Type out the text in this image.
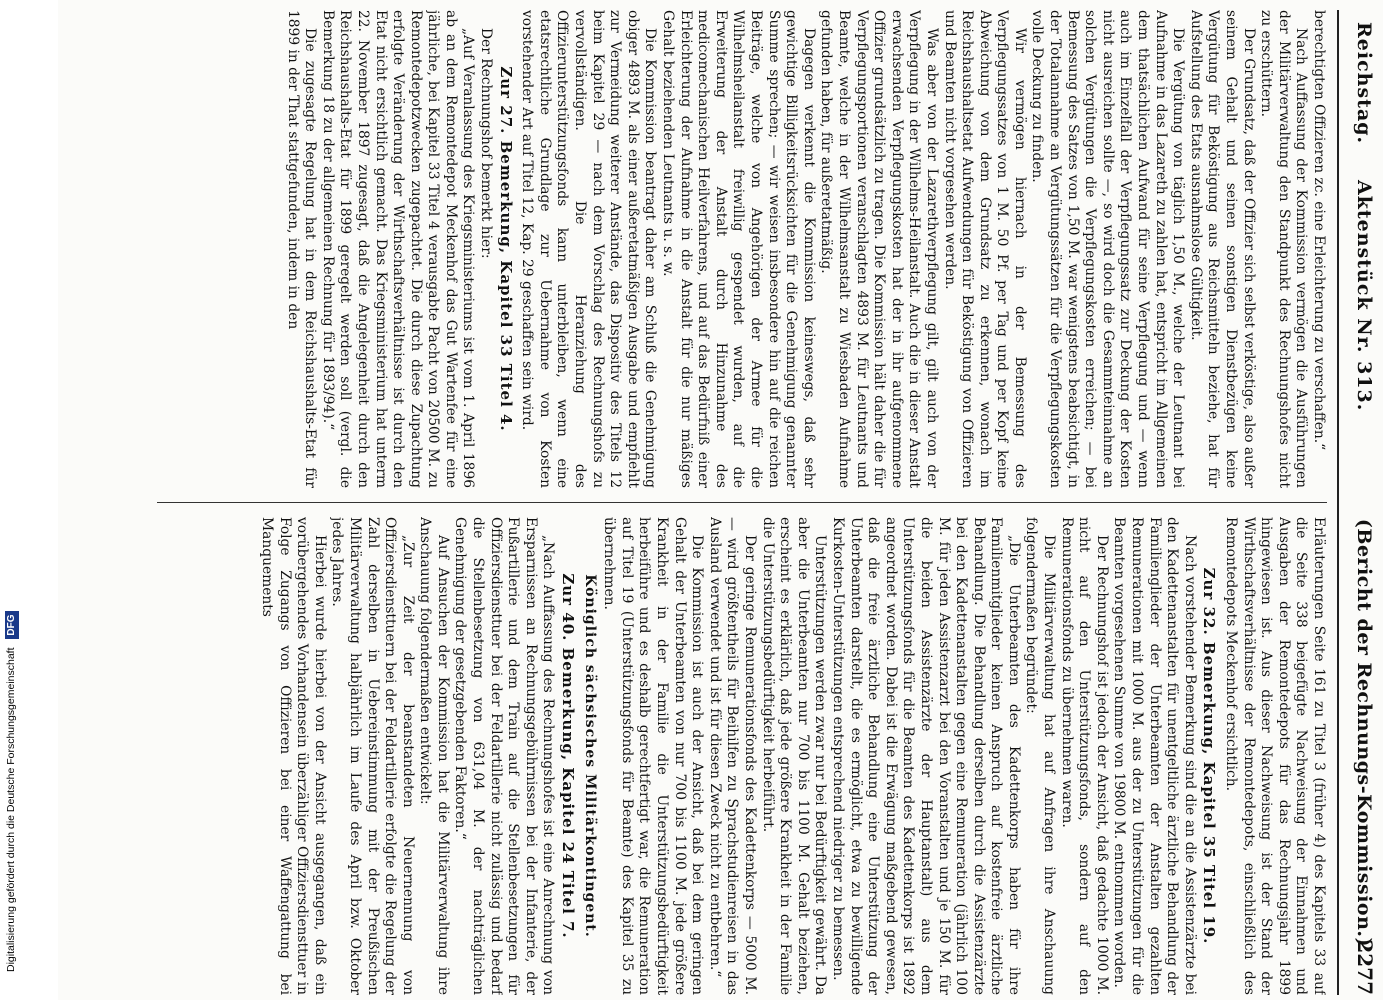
Digitalisierung gefördert durch die Deutsche Forschungsgemeinschaft DFG
Reichstag.
Aktenstück Nr. 313.
(Bericht der Rechnungs-Kommission.)
2277

berechtigten Offizieren zc. eine Erleichterung zu verschaffen.“

Nach Auffassung der Kommission vermögen die Ausführungen der Militärverwaltung den Standpunkt des Rechnungshofes nicht zu erschüttern.

Der Grundsatz, daß der Offizier sich selbst verköstige, also außer seinem Gehalt und seinen sonstigen Dienstbezügen keine Vergütung für Beköstigung aus Reichsmitteln beziehe, hat für Aufstellung des Etats ausnahmslose Gültigkeit.

Die Vergütung von täglich 1,50 M., welche der Leutnant bei Aufnahme in das Lazareth zu zahlen hat, entspricht im Allgemeinen dem thatsächlichen Aufwand für seine Verpflegung und — wenn auch im Einzelfall der Verpflegungssatz zur Deckung der Kosten nicht ausreichen sollte —, so wird doch die Gesammteinnahme an solchen Vergütungen die Verpflegungskosten erreichen; — bei Bemessung des Satzes von 1,50 M. war wenigstens beabsichtigt, in der Totalannahme an Vergütungssätzen für die Verpflegungskosten volle Deckung zu finden.

Wir vermögen hiernach in der Bemessung des Verpflegungssatzes von 1 M. 50 Pf. per Tag und per Kopf keine Abweichung von dem Grundsatz zu erkennen, wonach im Reichshaushaltsetat Aufwendungen für Beköstigung von Offizieren und Beamten nicht vorgesehen werden.

Was aber von der Lazarethverpflegung gilt, gilt auch von der Verpflegung in der Wilhelms-Heilanstalt. Auch die in dieser Anstalt erwachsenden Verpflegungskosten hat der in ihr aufgenommene Offizier grundsätzlich zu tragen. Die Kommission hält daher die für Verpflegungsportionen veranschlagten 4893 M. für Leutnants und Beamte, welche in der Wilhelmsanstalt zu Wiesbaden Aufnahme gefunden haben, für außeretatmäßig.

Dagegen verkennt die Kommission keineswegs, daß sehr gewichtige Billigkeitsrücksichten für die Genehmigung genannter Summe sprechen; — wir weisen insbesondere hin auf die reichen Beiträge, welche von Angehörigen der Armee für die Wilhelmsheilanstalt freiwillig gespendet wurden, auf die Erweiterung der Anstalt durch Hinzunahme des medicomechanischen Heilverfahrens, und auf das Bedürfniß einer Erleichterung der Aufnahme in die Anstalt für die nur mäßiges Gehalt beziehenden Leutnants u. s. w.

Die Kommission beantragt daher am Schluß die Genehmigung obiger 4893 M. als einer außeretatmäßigen Ausgabe und empfiehlt zur Vermeidung weiterer Anstände, das Dispositiv des Titels 12 beim Kapitel 29 — nach dem Vorschlag des Rechnungshofs zu vervollständigen. Die Heranziehung des Offizierunterstützungsfonds kann unterbleiben, wenn eine etatsrechtliche Grundlage zur Uebernahme von Kosten vorstehender Art auf Titel 12, Kap. 29 geschaffen sein wird.

Zur 27. Bemerkung, Kapitel 33 Titel 4.

Der Rechnungshof bemerkt hier:

„Auf Veranlassung des Kriegsministeriums ist vom 1. April 1896 ab an dem Remontedepot Meckenhof das Gut Wartenfee für eine jährliche, bei Kapitel 33 Titel 4 verausgabte Pacht von 20500 M. zu Remontedepotzwecken zugepachtet. Die durch diese Zupachtung erfolgte Veränderung der Wirthschaftsverhältnisse ist durch den Etat nicht ersichtlich gemacht. Das Kriegsministerium hat unterm 22. November 1897 zugesagt, daß die Angelegenheit durch den Reichshaushalts-Etat für 1899 geregelt werden soll (vergl. die Bemerkung 18 zu der allgemeinen Rechnung für 1893/94).“

Die zugesagte Regelung hat in dem Reichshaushalts-Etat für 1899 in der That stattgefunden, indem in den

Erläuterungen Seite 161 zu Titel 3 (früher 4) des Kapitels 33 auf die Seite 338 beigefügte Nachweisung der Einnahmen und Ausgaben der Remontedepots für das Rechnungsjahr 1899 hingewiesen ist. Aus dieser Nachweisung ist der Stand der Wirthschaftsverhältnisse der Remontedepots, einschließlich des Remontedepots Meckenhof ersichtlich.

Zur 32. Bemerkung, Kapitel 35 Titel 19.

Nach vorstehender Bemerkung sind die an die Assistenzärzte bei den Kadettenanstalten für unentgeltliche ärztliche Behandlung der Familienglieder der Unterbeamten der Anstalten gezahlten Remunerationen mit 1000 M. aus der zu Unterstützungen für die Beamten vorgesehenen Summe von 19800 M. entnommen worden.

Der Rechnungshof ist jedoch der Ansicht, daß gedachte 1000 M. nicht auf den Unterstützungsfonds, sondern auf den Remunerationsfonds zu übernehmen waren.

Die Militärverwaltung hat auf Anfragen ihre Anschauung folgendermaßen begründet:

„Die Unterbeamten des Kadettenkorps haben für ihre Familienmitglieder keinen Anspruch auf kostenfreie ärztliche Behandlung. Die Behandlung derselben durch die Assistenzärzte bei den Kadettenanstalten gegen eine Remuneration (jährlich 100 M. für jeden Assistenzarzt bei den Voranstalten und je 150 M. für die beiden Assistenzärzte der Hauptanstalt) aus dem Unterstützungsfonds für die Beamten des Kadettenkorps ist 1892 angeordnet worden. Dabei ist die Erwägung maßgebend gewesen, daß die freie ärztliche Behandlung eine Unterstützung der Unterbeamten darstellt, die es ermöglicht, etwa zu bewilligende Kurkosten-Unterstützungen entsprechend niedriger zu bemessen.

Unterstützungen werden zwar nur bei Bedürftigkeit gewährt. Da aber die Unterbeamten nur 700 bis 1100 M. Gehalt beziehen, erscheint es erklärlich, daß jede größere Krankheit in der Familie die Unterstützungsbedürftigkeit herbeiführt.

Der geringe Remunerationsfonds des Kadettenkorps — 5000 M. — wird größtentheils für Beihilfen zu Sprachstudienreisen in das Ausland verwendet und ist für diesen Zweck nicht zu entbehren.“

Die Kommission ist auch der Ansicht, daß bei dem geringen Gehalt der Unterbeamten von nur 700 bis 1100 M. jede größere Krankheit in der Familie die Unterstützungsbedürftigkeit herbeiführe und es deshalb gerechtfertigt war, die Remuneration auf Titel 19 (Unterstützungsfonds für Beamte) des Kapitel 35 zu übernehmen.

Königlich sächsisches Militärkontingent.
Zur 40. Bemerkung, Kapitel 24 Titel 7.

„Nach Auffassung des Rechnungshofes ist eine Anrechnung von Ersparnissen an Rechnungsgebührnissen bei der Infanterie, der Fußartillerie und dem Train auf die Stellenbesetzungen für Offiziersdiensttuer bei der Feldartillerie nicht zulässig und bedarf die Stellenbesetzung von 631,04 M. der nachträglichen Genehmigung der gesetzgebenden Faktoren.“

Auf Ansuchen der Kommission hat die Militärverwaltung ihre Anschauung folgendermaßen entwickelt:

„Zur Zeit der beanstandeten Neuernennung von Offiziersdiensttuern bei der Feldartillerie erfolgte die Regelung der Zahl derselben in Uebereinstimmung mit der Preußischen Militärverwaltung halbjährlich im Laufe des April bzw. Oktober jedes Jahres.

Hierbei wurde hierbei von der Ansicht ausgegangen, daß ein vorübergehendes Vorhandensein überzähliger Offiziersdiensttuer in Folge Zugangs von Offizieren bei einer Waffengattung bei Manquements
